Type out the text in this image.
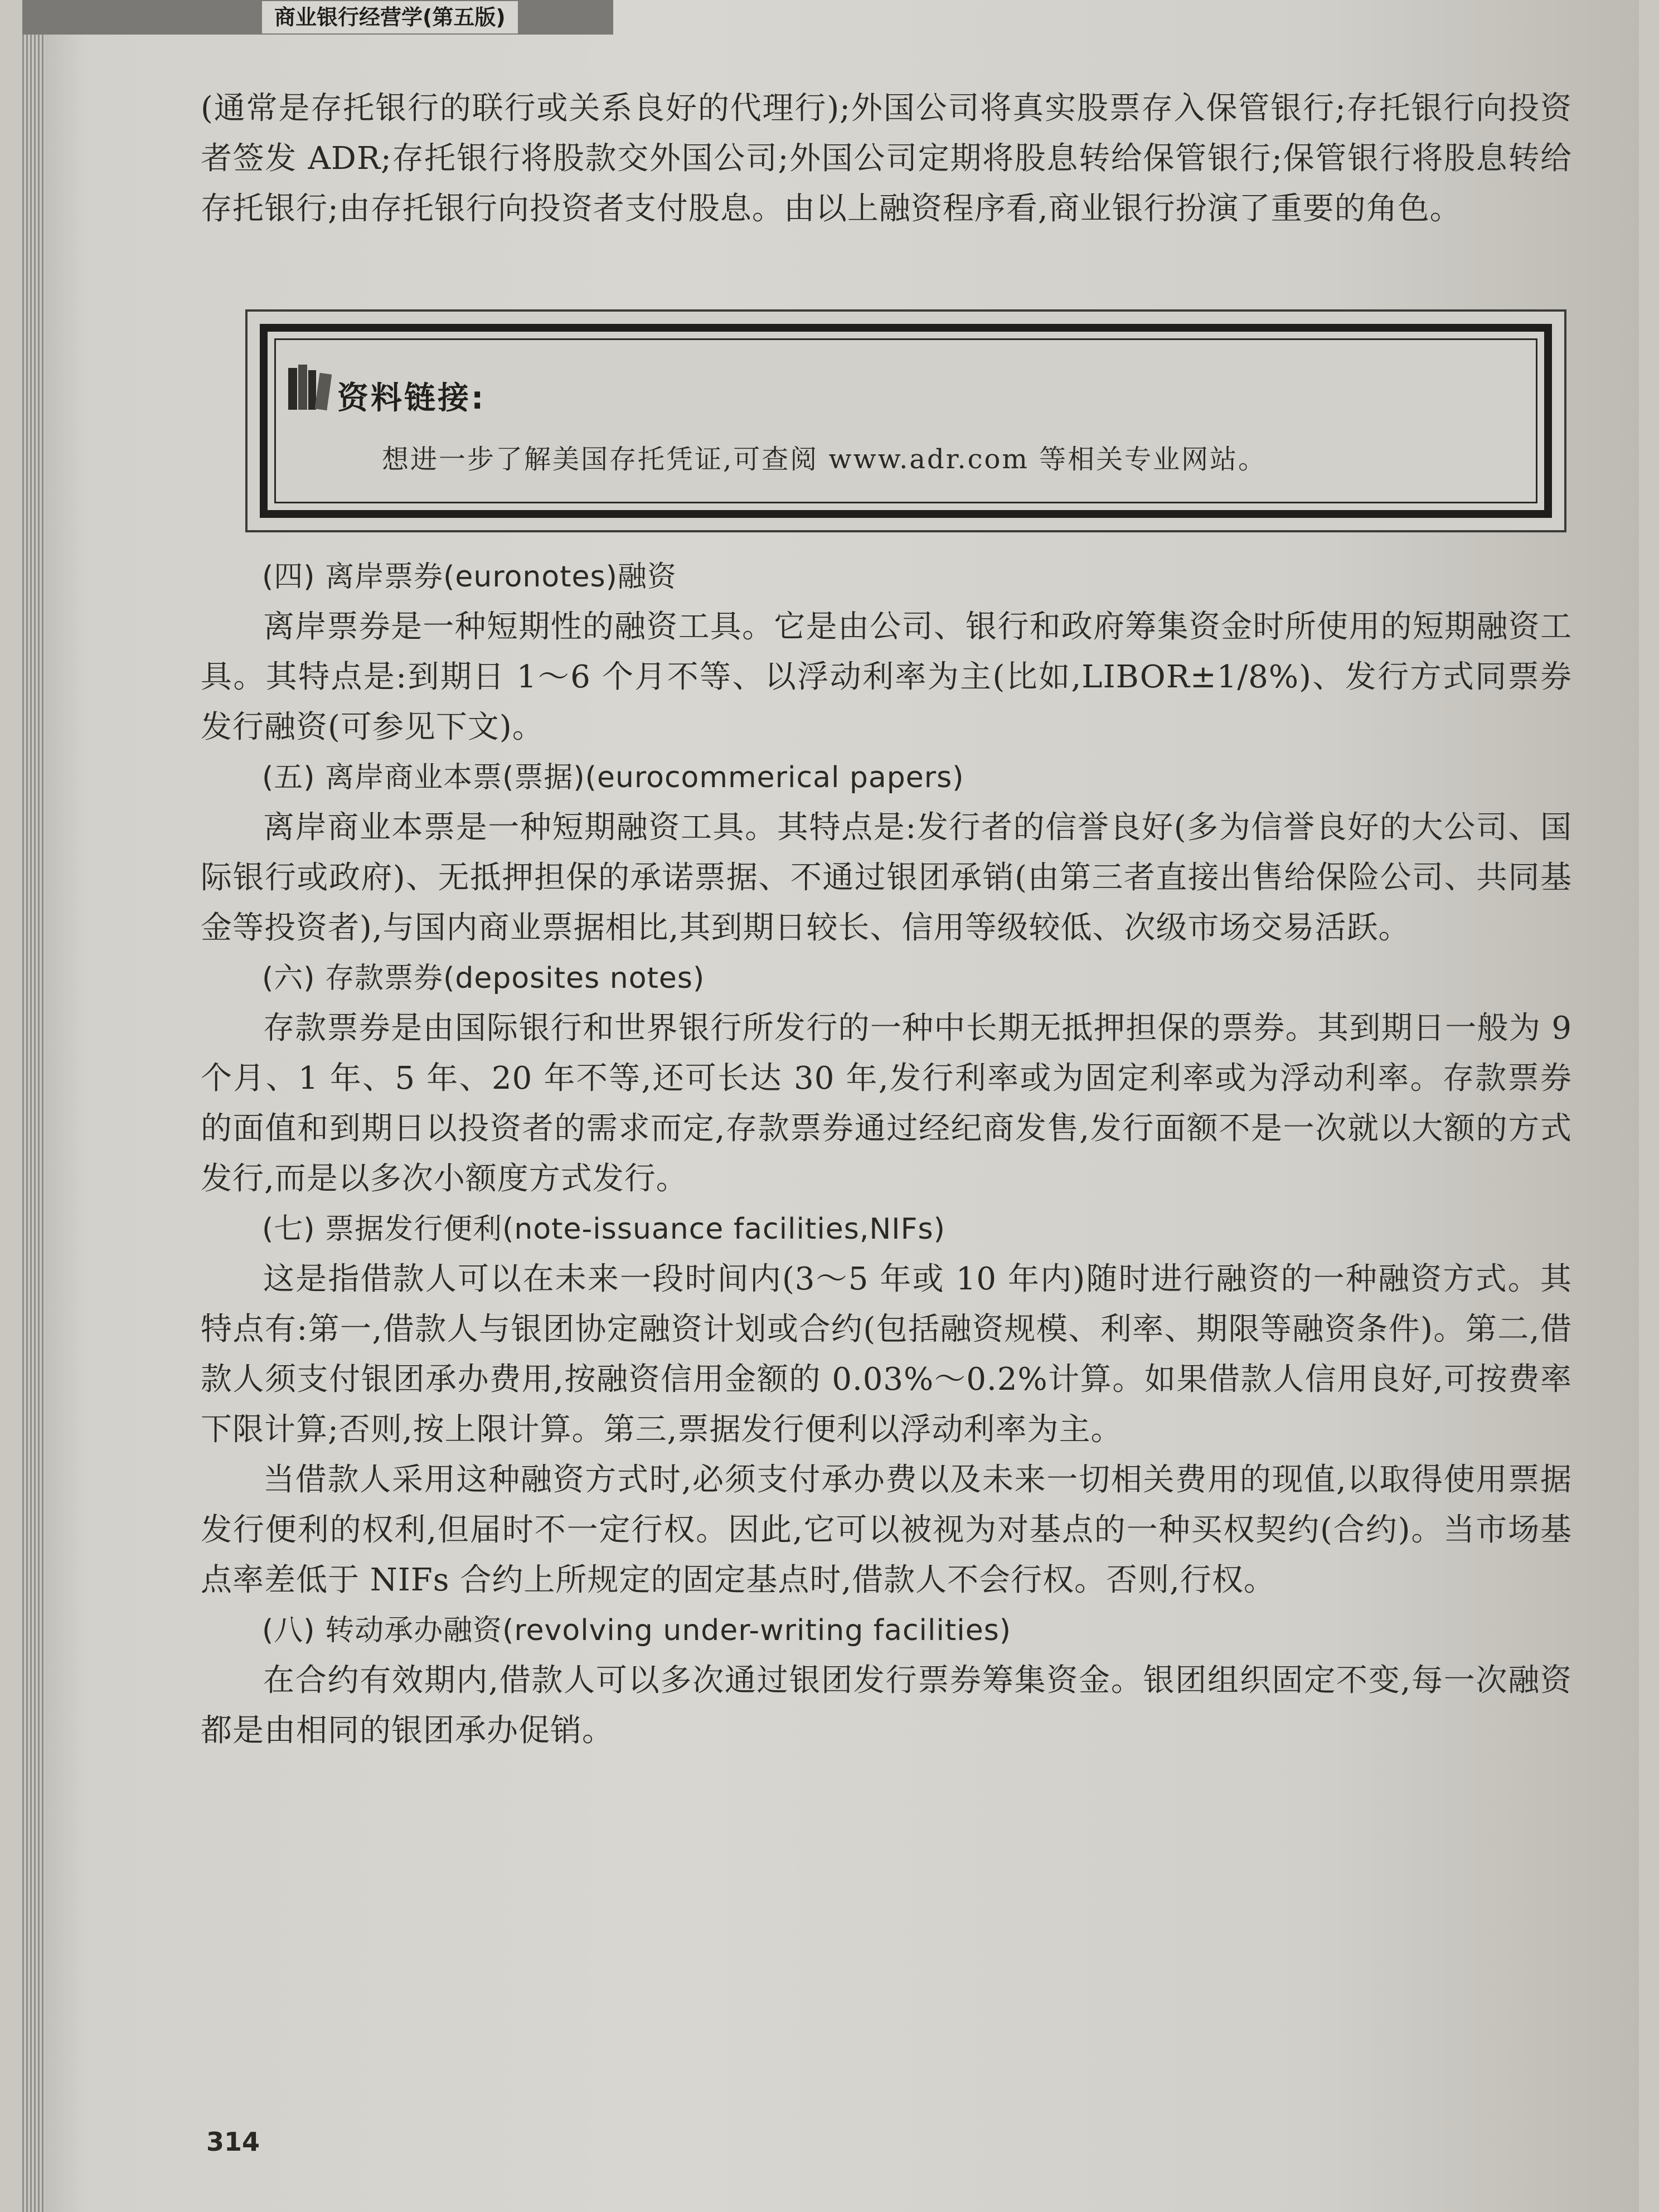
商业银行经营学(第五版)

(通常是存托银行的联行或关系良好的代理行);外国公司将真实股票存入保管银行;存托银行向投资者签发 ADR;存托银行将股款交外国公司;外国公司定期将股息转给保管银行;保管银行将股息转给存托银行;由存托银行向投资者支付股息。由以上融资程序看,商业银行扮演了重要的角色。

资料链接:
想进一步了解美国存托凭证,可查阅 www.adr.com 等相关专业网站。

(四) 离岸票券(euronotes)融资

离岸票券是一种短期性的融资工具。它是由公司、银行和政府筹集资金时所使用的短期融资工具。其特点是:到期日 1～6 个月不等、以浮动利率为主(比如,LIBOR±1/8%)、发行方式同票券发行融资(可参见下文)。

(五) 离岸商业本票(票据)(eurocommerical papers)

离岸商业本票是一种短期融资工具。其特点是:发行者的信誉良好(多为信誉良好的大公司、国际银行或政府)、无抵押担保的承诺票据、不通过银团承销(由第三者直接出售给保险公司、共同基金等投资者),与国内商业票据相比,其到期日较长、信用等级较低、次级市场交易活跃。

(六) 存款票券(deposites notes)

存款票券是由国际银行和世界银行所发行的一种中长期无抵押担保的票券。其到期日一般为 9 个月、1 年、5 年、20 年不等,还可长达 30 年,发行利率或为固定利率或为浮动利率。存款票券的面值和到期日以投资者的需求而定,存款票券通过经纪商发售,发行面额不是一次就以大额的方式发行,而是以多次小额度方式发行。

(七) 票据发行便利(note-issuance facilities,NIFs)

这是指借款人可以在未来一段时间内(3～5 年或 10 年内)随时进行融资的一种融资方式。其特点有:第一,借款人与银团协定融资计划或合约(包括融资规模、利率、期限等融资条件)。第二,借款人须支付银团承办费用,按融资信用金额的 0.03%～0.2%计算。如果借款人信用良好,可按费率下限计算;否则,按上限计算。第三,票据发行便利以浮动利率为主。

当借款人采用这种融资方式时,必须支付承办费以及未来一切相关费用的现值,以取得使用票据发行便利的权利,但届时不一定行权。因此,它可以被视为对基点的一种买权契约(合约)。当市场基点率差低于 NIFs 合约上所规定的固定基点时,借款人不会行权。否则,行权。

(八) 转动承办融资(revolving under-writing facilities)

在合约有效期内,借款人可以多次通过银团发行票券筹集资金。银团组织固定不变,每一次融资都是由相同的银团承办促销。

314
